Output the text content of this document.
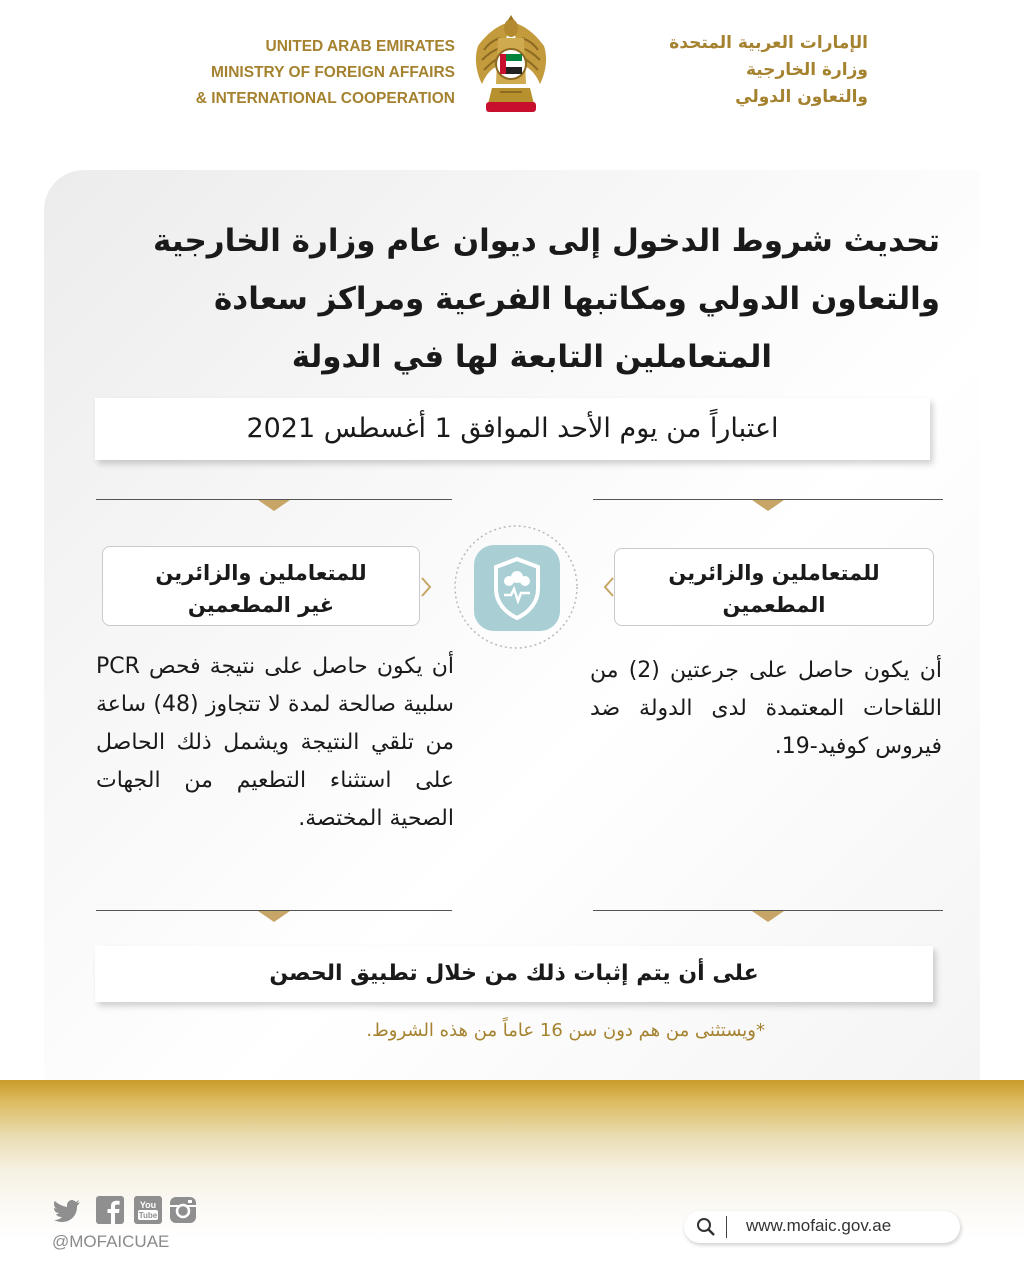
UNITED ARAB EMIRATES
MINISTRY OF FOREIGN AFFAIRS
& INTERNATIONAL COOPERATION
الإمارات العربية المتحدة
وزارة الخارجية
والتعاون الدولي
تحديث شروط الدخول إلى ديوان عام وزارة الخارجية
والتعاون الدولي ومكاتبها الفرعية ومراكز سعادة
المتعاملين التابعة لها في الدولة
اعتباراً من يوم الأحد الموافق 1 أغسطس 2021
للمتعاملين والزائرين
غير المطعمين
للمتعاملين والزائرين
المطعمين
أن يكون حاصل على نتيجة فحص PCR سلبية صالحة لمدة لا تتجاوز (48) ساعة من تلقي النتيجة ويشمل ذلك الحاصل على استثناء التطعيم من الجهات الصحية المختصة.
أن يكون حاصل على جرعتين (2) من اللقاحات المعتمدة لدى الدولة ضد فيروس كوفيد-19.
على أن يتم إثبات ذلك من خلال تطبيق الحصن
*ويستثنى من هم دون سن 16 عاماً من هذه الشروط.
You
Tube
@MOFAICUAE
www.mofaic.gov.ae
